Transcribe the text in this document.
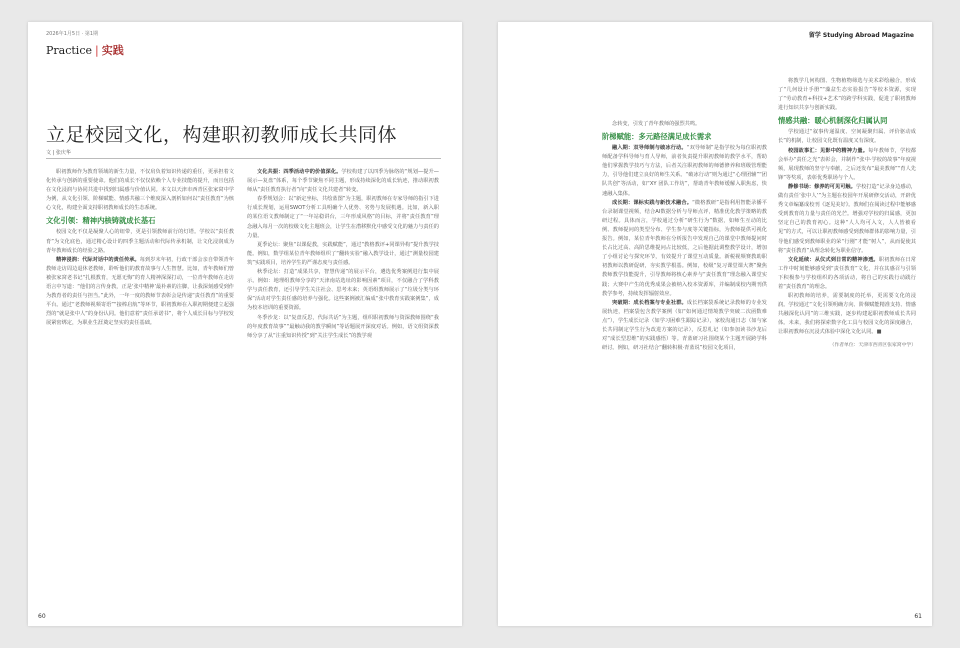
2026年1月5日 · 第1期
Practice | 实践
立足校园文化，构建职初教师成长共同体
文 | 张庆华

职初教师作为教育领域的新生力量，不仅肩负着知识传递的重任，更承担着文化传承与创新的重要使命。他们的成长不仅仅依赖个人专业技能的提升，而且包括在文化浸润与协同共进中找到归属感与价值认同。本文以天津市西青区张家窝中学为例，从文化引领、阶梯赋能、情感共融三个维度深入剖析如何以“责任教育”为核心文化，构建全面支持职初教师成长的生态系统。

文化引领：精神内核铸就成长基石

校园文化不仅是凝聚人心的纽带，更是引领教师前行的灯塔。学校以“责任教育”为文化底色，通过精心设计的四季主题活动和代际传承机制，让文化浸润成为青年教师成长的经验之路。

精神浸润：代际对话中的责任传承。每到岁末年初，行政干部会亲自带领青年教师走访周边退休老教师，聆听他们的教育故事与人生智慧。比如，青年教师们曾被张家窝老书记“扎根教育，无愿无悔”的育人精神深深打动，一位青年教师在走访语言中写道：“他们的言传身教，正是‘张中精神’最朴素的注脚，让我深刻感受到作为教育者的责任与担当。”此外，一年一度的教师节表彰会是传递“责任教育”的重要平台。通过“老教师视频寄语”“接棒启航”等环节，职初教师在入职初期便建立起强烈的“就是张中人”的身份认同。他们意着“责任承诺书”，将个人成长目标与学校发展紧密绑定，为职业生涯奠定坚实的责任基础。

文化共振：四季活动中的价值深化。学校构建了以四季为脉络的“规划—提升—展示—复盘”体系，每个季节聚焦不同主题，形成持续深化的成长轨迹，推动职初教师从“责任教育执行者”向“责任文化共建者”转变。

春季规划会：以“新定坐标，共绘蓝图”为主题，职初教师在专家导师的指引下进行成长规划，运用SWOT分析工具明确个人优势、劣势与发展机遇。比如，新入职的某位语文教师制定了“一年站稳讲台，三年形成风格”的目标，并将“责任教育”理念融入每月一次的校级文化主题班会，让学生在潜移默化中感受文化的魅力与责任的力量。

夏季论坛：聚焦“以课促教，实践赋能”，通过“教格教评+同课异构”提升教学技能。例如，数学组某位青年教师组织了“翻转实验”融入教学设计，通过“测量校园建筑”实践项目，培养学生的严谨态度与责任感。

秋季论坛：打造“成果共享，智慧传递”的展示平台，遴选优秀案例进行集中展示。例如：地理组教师分享的“天津南站选址的影响因素”项目，不仅融合了学科教学与责任教育，还引导学生关注社会、思考未来；英语组教师展示了“垃圾分类与环保”活动对学生责任感的培养与强化。这些案例被汇编成“张中教育实践案例集”，成为校本培训的重要资源。

冬季沙龙：以“复盘反思，代际共话”为主题，组织职初教师与资深教师围绕“我的年度教育故事”“最触动我的教学瞬间”等话题展开深度对话。例如，语文组资深教师分享了从“注重知识传授”到“关注学生成长”的教学观

60
留学 Studying Abroad Magazine

念转变，引发了青年教师的强烈共鸣。

阶梯赋能：多元路径满足成长需求

融入期：双导师制与破冰行动。“双导师制”是指学校为每位职初教师配备学科导师与育人导师，前者负责提升职初教师的教学水平，帮助他们掌握教学技巧与方法，后者关注职初教师的师德修养和班级管理能力，引导他们建立良好的师生关系。“破冰行动”则为通过“心理团辅”“团队共创”等活动，如“XY 团队工作坊”，帮助青年教师缓解入职焦虑，快速融入集体。

成长期：课标实践与新技术融合。“微格教研”是指利用智能录播平台录制课堂视频，结合AI数据分析与导师点评，精准优化教学策略的教研过程。具体而言，学校通过分析“研生行为”数据，如师生互动的比例、教师提问的类型分布、学生参与度等关键指标，为教师提供可视化报告。例如，某位青年教师在分析报告中发现自己的课堂中教师提问时长占比过高、高阶思维提问占比较低，之后他据此调整教学设计，增加了小组讨论与探究环节，有效提升了课堂互动质量。新税视频赛教助职初教师以教研促研，夯实教学根基。例如，校级“复习课堂课大赛”聚焦教师教学技能提升，引导教师将核心素养与“责任教育”理念融入课堂实践；大赛中产生的优秀成果会被纳入校本资源库，并编制成校内期刊供教学参考，持续发挥辐射效应。

突破期：成长档案与专业社群。成长档案袋系统记录教师的专业发展轨迹，档案袋包含教学案例（如“如何通过情境教学突破二次函数难点”），学生成长记录（如学习困难生跟踪记录），家校沟通日志（如与家长共同制定学生行为改进方案的记录），反思札记（如参加读书沙龙后对“成长型思维”的实践感悟）等。青蓝研习社围绕某个主题开展跨学科研讨。例如，研习社结合“翻转积极·青蓝说”校园文化项目，

将教学几何构图、生物植物筛选与美术彩绘融合，形成了“几何设计手册”“藻盆生态实验报告”等校本资源，实现了“劳动教育+科技+艺术”的跨学科实践，促进了职初教师进行知识共享与创新实践。

情感共融：暖心机制深化归属认同

学校通过“叙事传递温度、空间凝聚归属、评价驱动成长”的机制，让校园文化既有温度又有深度。

校园故事汇：见影中的精神力量。每年教师节，学校都会举办“责任之光”表彰会，并制作“张中·学校的故事”年度视频，展现教师的坚守与奉献，之后还发布“最美教师”“育人先锋”等奖项，表彰优秀职场与个人。

静修书场：修养的可见可触。学校打造“记录身边感动，做有责任‘张中人’”为主题在校园年开展研修交活动，开辟优秀文章编纂成校刊《逐见美好》。教师们在阅读过程中能够感受到教育的力量与责任的光芒。增强对学校的归属感，更加坚定自己的教育初心。这种“人人均可入文，人人皆被看见”的方式，可以让职初教师感受到教师群体的影响力量，引导他们感受到教师职业的荣“行刚”才能“树人”，从而促使其将“责任教育”从理念转化为职业信守。

文化延续：从仪式到日常的精神渗透。职初教师在日常工作中时刻能够感受到“责任教育”文化，并在其感召与引领下积极参与学校组织的各项活动，将自己的实践行动践行着“责任教育”的理念。

职初教师的培养，需要制度的托举，更需要文化的浸润。学校通过“文化引领明确方向、阶梯赋能精准支持、情感共融深化认同”的三维实践，逐步构建起职初教师成长共同体。未来，我们将探索数字化工具与校园文化的深度融合，让职初教师在沉浸式体验中深化文化认同。■

（作者单位：天津市西青区张家窝中学）
61
